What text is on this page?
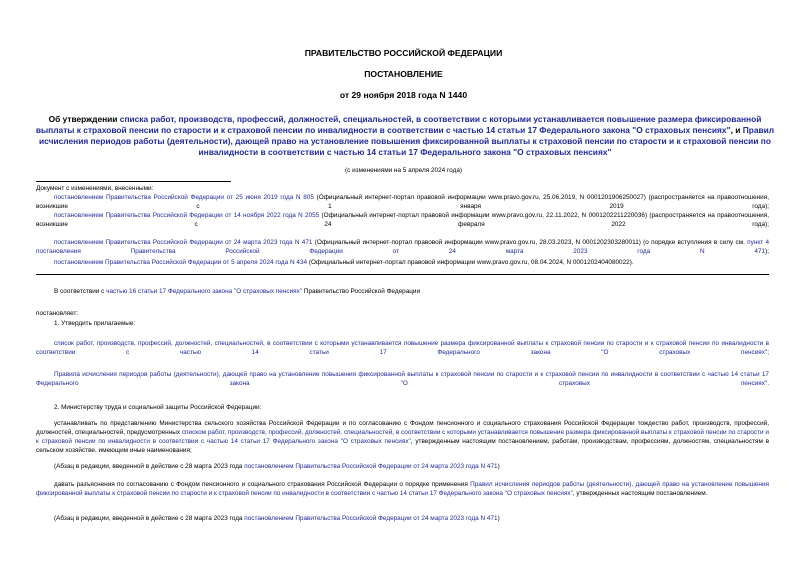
ПРАВИТЕЛЬСТВО РОССИЙСКОЙ ФЕДЕРАЦИИ
ПОСТАНОВЛЕНИЕ
от 29 ноября 2018 года N 1440
Об утверждении списка работ, производств, профессий, должностей, специальностей, в соответствии с которыми устанавливается повышение размера фиксированной выплаты к страховой пенсии по старости и к страховой пенсии по инвалидности в соответствии с частью 14 статьи 17 Федерального закона "О страховых пенсиях", и Правил исчисления периодов работы (деятельности), дающей право на установление повышения фиксированной выплаты к страховой пенсии по старости и к страховой пенсии по инвалидности в соответствии с частью 14 статьи 17 Федерального закона "О страховых пенсиях"
(с изменениями на 5 апреля 2024 года)

Документ с изменениями, внесенными:

постановлением Правительства Российской Федерации от 25 июня 2019 года N 805 (Официальный интернет-портал правовой информации www.pravo.gov.ru, 25.06.2019, N 0001201906250027) (распространяется на правоотношения, возникшие с 1 января 2019 года);

постановлением Правительства Российской Федерации от 14 ноября 2022 года N 2055 (Официальный интернет-портал правовой информации www.pravo.gov.ru, 22.11.2022, N 0001202211220036) (распространяется на правоотношения, возникшие с 24 февраля 2022 года);

постановлением Правительства Российской Федерации от 24 марта 2023 года N 471 (Официальный интернет-портал правовой информации www.pravo.gov.ru, 28.03.2023, N 0001202303280011) (о порядке вступления в силу см. пункт 4 постановления Правительства Российской Федерации от 24 марта 2023 года N 471);

постановлением Правительства Российской Федерации от 5 апреля 2024 года N 434 (Официальный интернет-портал правовой информации www.pravo.gov.ru, 08.04.2024, N 0001202404080022).

В соответствии с частью 16 статьи 17 Федерального закона "О страховых пенсиях" Правительство Российской Федерации

постановляет:

1. Утвердить прилагаемые:

список работ, производств, профессий, должностей, специальностей, в соответствии с которыми устанавливается повышение размера фиксированной выплаты к страховой пенсии по старости и к страховой пенсии по инвалидности в соответствии с частью 14 статьи 17 Федерального закона "О страховых пенсиях";

Правила исчисления периодов работы (деятельности), дающей право на установление повышения фиксированной выплаты к страховой пенсии по старости и к страховой пенсии по инвалидности в соответствии с частью 14 статьи 17 Федерального закона "О страховых пенсиях".

2. Министерству труда и социальной защиты Российской Федерации:

устанавливать по представлению Министерства сельского хозяйства Российской Федерации и по согласованию с Фондом пенсионного и социального страхования Российской Федерации тождество работ, производств, профессий, должностей, специальностей, предусмотренных списком работ, производств, профессий, должностей, специальностей, в соответствии с которыми устанавливается повышение размера фиксированной выплаты к страховой пенсии по старости и к страховой пенсии по инвалидности в соответствии с частью 14 статьи 17 Федерального закона "О страховых пенсиях", утвержденным настоящим постановлением, работам, производствам, профессиям, должностям, специальностям в сельском хозяйстве, имеющим иные наименования;

(Абзац в редакции, введенной в действие с 28 марта 2023 года постановлением Правительства Российской Федерации от 24 марта 2023 года N 471)

давать разъяснения по согласованию с Фондом пенсионного и социального страхования Российской Федерации о порядке применения Правил исчисления периодов работы (деятельности), дающей право на установление повышения фиксированной выплаты к страховой пенсии по старости и к страховой пенсии по инвалидности в соответствии с частью 14 статьи 17 Федерального закона "О страховых пенсиях", утвержденных настоящим постановлением.

(Абзац в редакции, введенной в действие с 28 марта 2023 года постановлением Правительства Российской Федерации от 24 марта 2023 года N 471)
